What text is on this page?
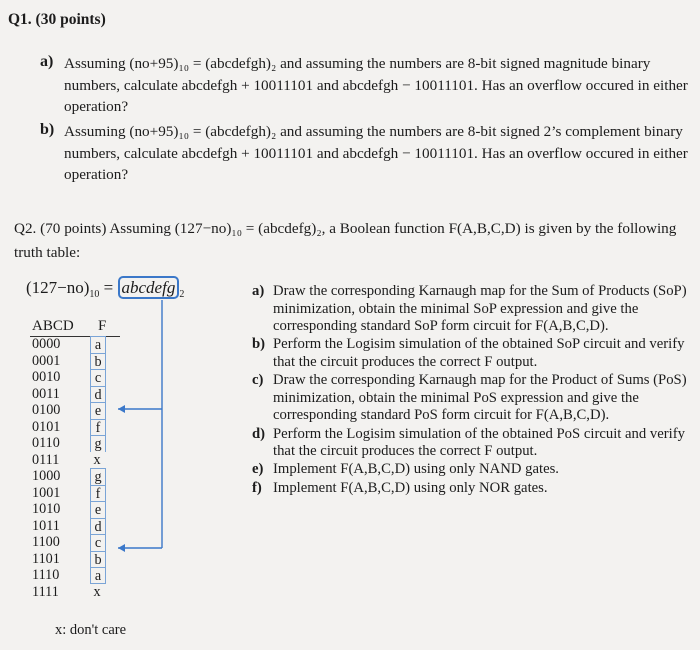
Q1. (30 points)
a) Assuming (no+95)₁₀ = (abcdefgh)₂ and assuming the numbers are 8-bit signed magnitude binary numbers, calculate abcdefgh + 10011101 and abcdefgh − 10011101. Has an overflow occured in either operation?
b) Assuming (no+95)₁₀ = (abcdefgh)₂ and assuming the numbers are 8-bit signed 2’s complement binary numbers, calculate abcdefgh + 10011101 and abcdefgh − 10011101. Has an overflow occured in either operation?
Q2. (70 points) Assuming (127−no)₁₀ = (abcdefg)₂, a Boolean function F(A,B,C,D) is given by the following truth table:
$(127-no)_{10}$ = abcdefg $_2$
ABCD F
0000	a
0001	b
0010	c
0011	d
0100	e
0101	f
0110	g
0111	x
1000	g
1001	f
1010	e
1011	d
1100	c
1101	b
1110	a
1111	x
x: don't care
a) Draw the corresponding Karnaugh map for the Sum of Products (SoP) minimization, obtain the minimal SoP expression and give the corresponding standard SoP form circuit for F(A,B,C,D).
b) Perform the Logisim simulation of the obtained SoP circuit and verify that the circuit produces the correct F output.
c) Draw the corresponding Karnaugh map for the Product of Sums (PoS) minimization, obtain the minimal PoS expression and give the corresponding standard PoS form circuit for F(A,B,C,D).
d) Perform the Logisim simulation of the obtained PoS circuit and verify that the circuit produces the correct F output.
e) Implement F(A,B,C,D) using only NAND gates.
f) Implement F(A,B,C,D) using only NOR gates.
